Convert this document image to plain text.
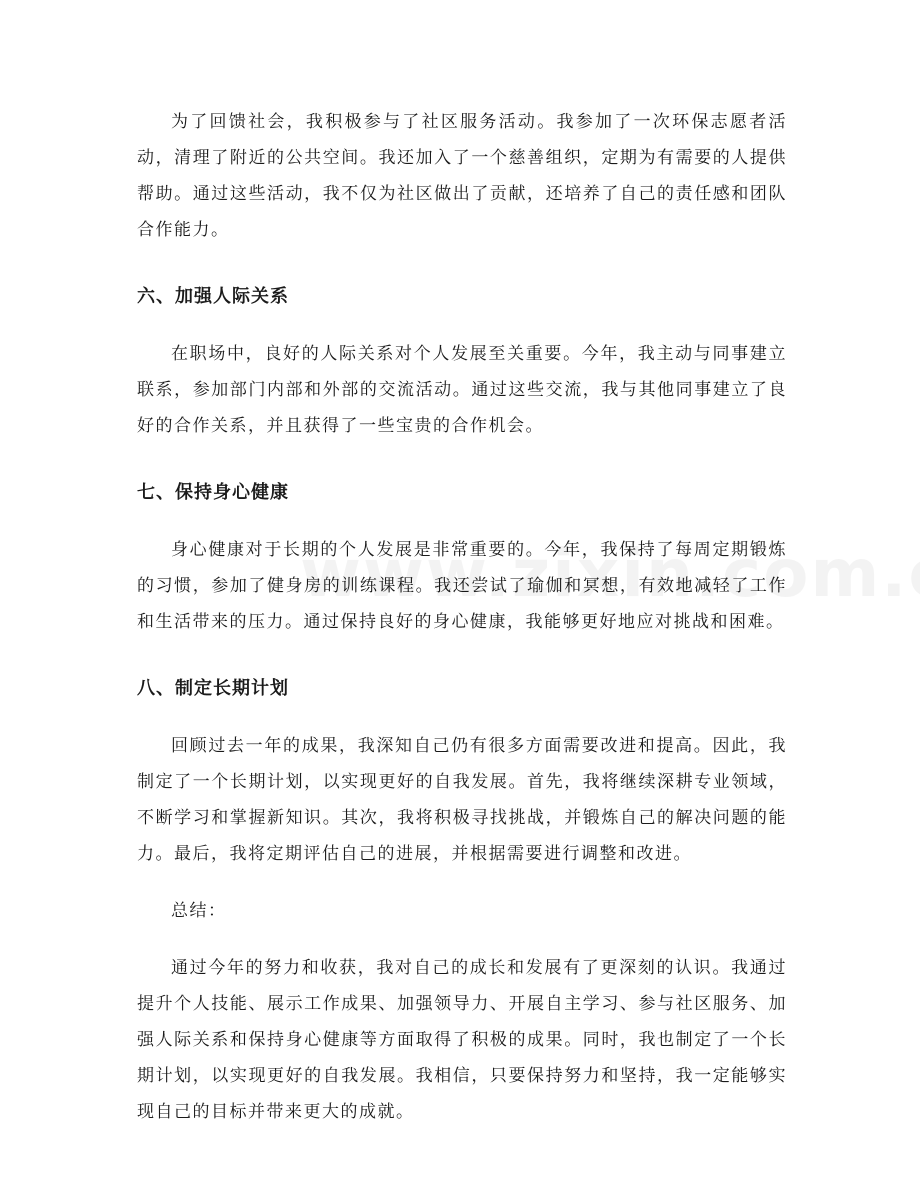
为了回馈社会，我积极参与了社区服务活动。我参加了一次环保志愿者活动，清理了附近的公共空间。我还加入了一个慈善组织，定期为有需要的人提供帮助。通过这些活动，我不仅为社区做出了贡献，还培养了自己的责任感和团队合作能力。

六、加强人际关系

在职场中，良好的人际关系对个人发展至关重要。今年，我主动与同事建立联系，参加部门内部和外部的交流活动。通过这些交流，我与其他同事建立了良好的合作关系，并且获得了一些宝贵的合作机会。

七、保持身心健康

身心健康对于长期的个人发展是非常重要的。今年，我保持了每周定期锻炼的习惯，参加了健身房的训练课程。我还尝试了瑜伽和冥想，有效地减轻了工作和生活带来的压力。通过保持良好的身心健康，我能够更好地应对挑战和困难。

八、制定长期计划

回顾过去一年的成果，我深知自己仍有很多方面需要改进和提高。因此，我制定了一个长期计划，以实现更好的自我发展。首先，我将继续深耕专业领域，不断学习和掌握新知识。其次，我将积极寻找挑战，并锻炼自己的解决问题的能力。最后，我将定期评估自己的进展，并根据需要进行调整和改进。

总结：

通过今年的努力和收获，我对自己的成长和发展有了更深刻的认识。我通过提升个人技能、展示工作成果、加强领导力、开展自主学习、参与社区服务、加强人际关系和保持身心健康等方面取得了积极的成果。同时，我也制定了一个长期计划，以实现更好的自我发展。我相信，只要保持努力和坚持，我一定能够实现自己的目标并带来更大的成就。
